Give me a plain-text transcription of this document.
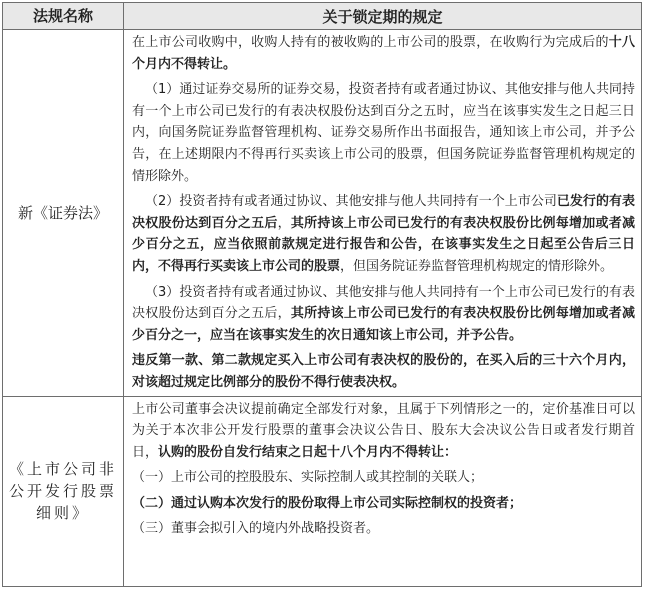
法规名称	关于锁定期的规定
新《证券法》	在上市公司收购中，收购人持有的被收购的上市公司的股票，在收购行为完成后的十八个月内不得转让。

（1）通过证券交易所的证券交易，投资者持有或者通过协议、其他安排与他人共同持有一个上市公司已发行的有表决权股份达到百分之五时，应当在该事实发生之日起三日内，向国务院证券监督管理机构、证券交易所作出书面报告，通知该上市公司，并予公告，在上述期限内不得再行买卖该上市公司的股票，但国务院证券监督管理机构规定的情形除外。

（2）投资者持有或者通过协议、其他安排与他人共同持有一个上市公司已发行的有表决权股份达到百分之五后，其所持该上市公司已发行的有表决权股份比例每增加或者减少百分之五，应当依照前款规定进行报告和公告，在该事实发生之日起至公告后三日内，不得再行买卖该上市公司的股票，但国务院证券监督管理机构规定的情形除外。

（3）投资者持有或者通过协议、其他安排与他人共同持有一个上市公司已发行的有表决权股份达到百分之五后，其所持该上市公司已发行的有表决权股份比例每增加或者减少百分之一，应当在该事实发生的次日通知该上市公司，并予公告。

违反第一款、第二款规定买入上市公司有表决权的股份的，在买入后的三十六个月内，对该超过规定比例部分的股份不得行使表决权。

《上市公司非公开发行股票细则》	上市公司董事会决议提前确定全部发行对象，且属于下列情形之一的，定价基准日可以为关于本次非公开发行股票的董事会决议公告日、股东大会决议公告日或者发行期首日，认购的股份自发行结束之日起十八个月内不得转让：

（一）上市公司的控股股东、实际控制人或其控制的关联人；

（二）通过认购本次发行的股份取得上市公司实际控制权的投资者；

（三）董事会拟引入的境内外战略投资者。
